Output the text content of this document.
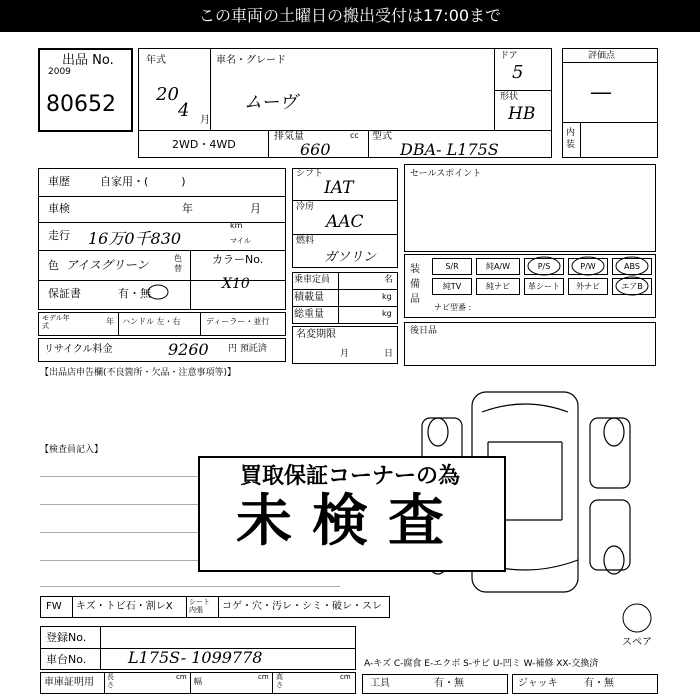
この車両の土曜日の搬出受付は17:00まで
出品 No.
2009
80652
年式
20
4 月
車名・グレード
ムーヴ
ドア
5
形状
HB
2WD・4WD
排気量	cc
660
型式
DBA- L175S
評価点
—
内装
車歴	自家用・(　　　)
車検	年	月
走行 16万0千830
km
マイル
色 アイスグリーン	色替
カラーNo.
X10
保証書	有・無
モデル年式
年 ハンドル 左・右	ディーラー・並行
リサイクル料金	9260 円 預託済
シフト
IAT
冷房
AAC
燃料
ガソリン
乗車定員	名
積載量	kg
総重量	kg
名変期限
月	日
セールスポイント
装備品
S/R	純A/W	P/S	P/W	ABS
純TV	純ナビ	革シート	外ナビ	エアB
ナビ型番 :
後日品
【出品店申告欄(不良箇所・欠品・注意事項等)】
【検査員記入】
スペア
買取保証コーナーの為
未検査
FW キズ・トビ石・割レX シート 内張	コゲ・穴・汚レ・シミ・破レ・スレ
登録No.
車台No.	L175S- 1099778
車庫証明用 長さ
cm 幅	cm 高さ
cm
A-キズ C-腐食 E-エクボ S-サビ U-凹ミ W-補修 XX-交換済
工具	有・無	ジャッキ	有・無
